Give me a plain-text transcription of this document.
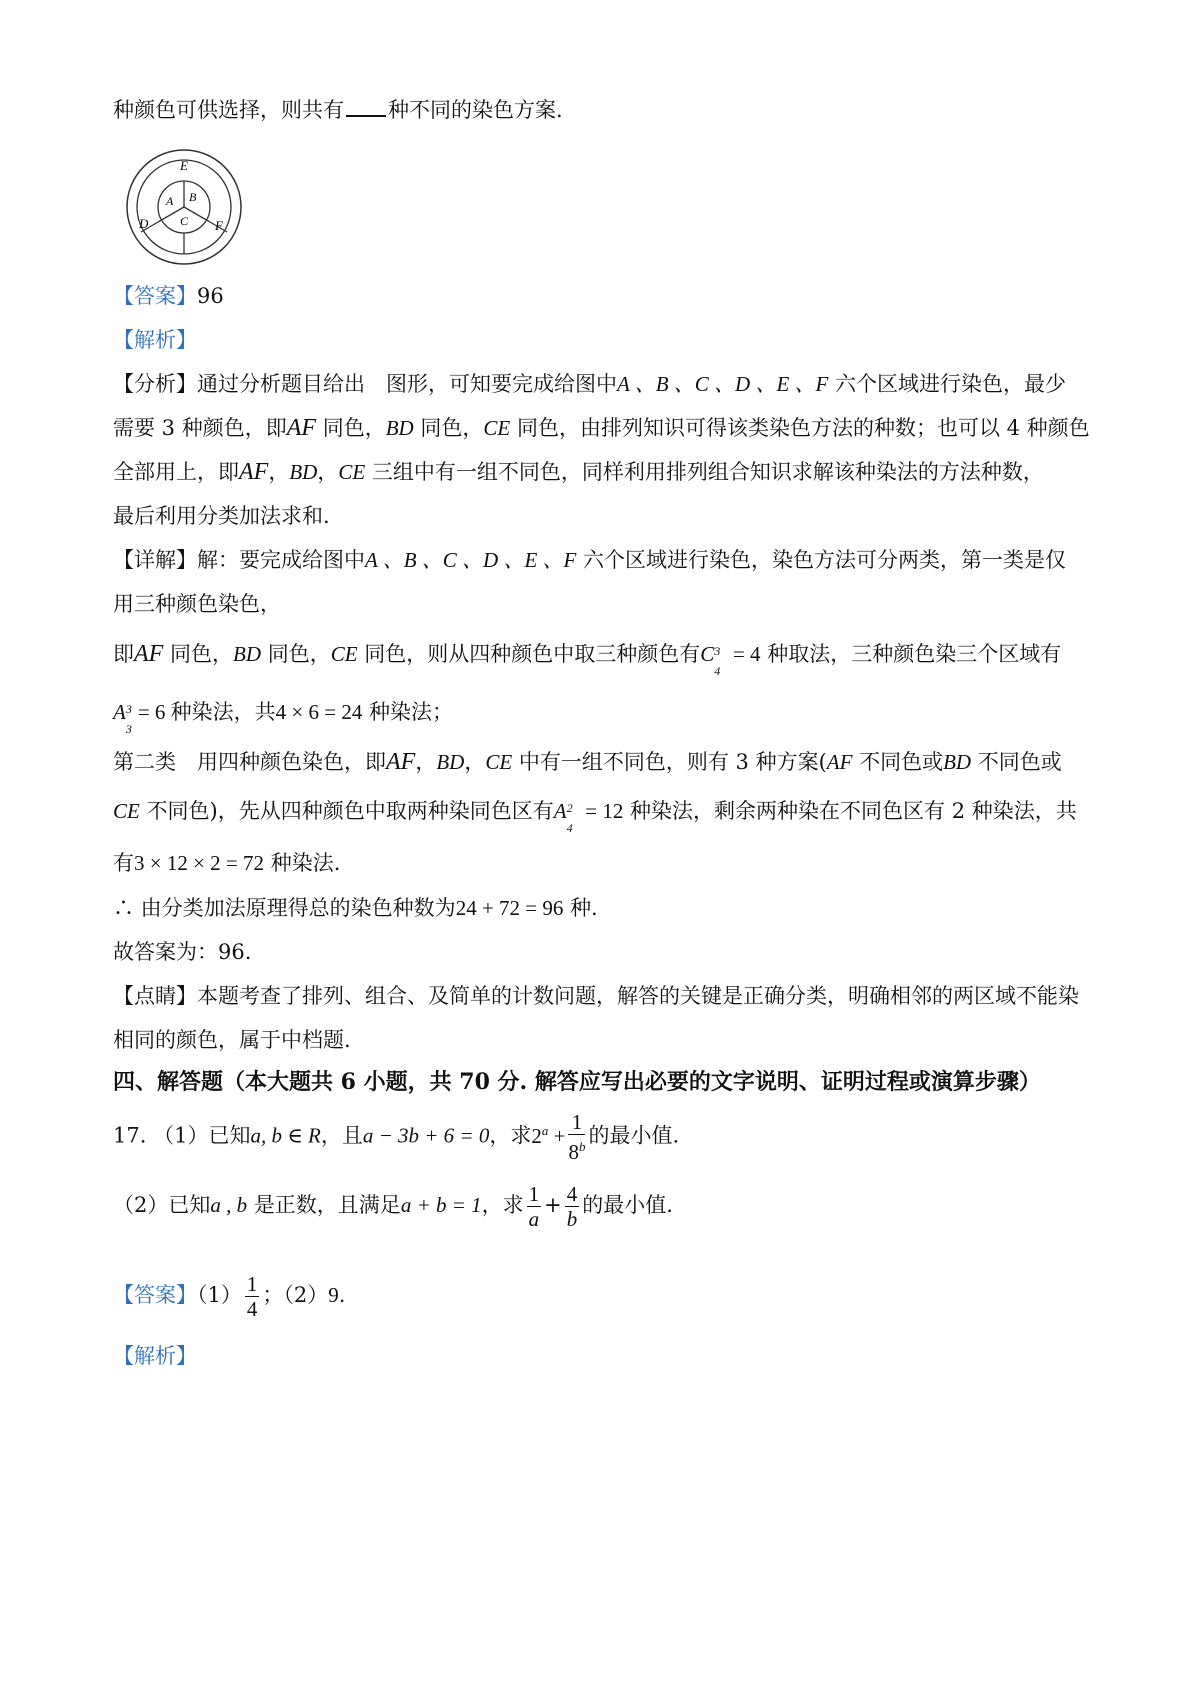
种颜色可供选择，则共有 种不同的染色方案.
E
A B
C
D	F
【答案】96
【解析】
【分析】通过分析题目给出　图形，可知要完成给图中A 、B 、C 、D 、E 、F 六个区域进行染色，最少
需要 3 种颜色，即AF 同色，BD 同色，CE 同色，由排列知识可得该类染色方法的种数；也可以 4 种颜色
全部用上，即AF，BD，CE 三组中有一组不同色，同样利用排列组合知识求解该种染法的方法种数，
最后利用分类加法求和.
【详解】解：要完成给图中A 、B 、C 、D 、E 、F 六个区域进行染色，染色方法可分两类，第一类是仅
用三种颜色染色，
即AF 同色，BD 同色，CE 同色，则从四种颜色中取三种颜色有C 3
4
= 4 种取法，三种颜色染三个区域有
A 3
3
= 6 种染法，共4 × 6 = 24 种染法；
第二类　用四种颜色染色，即AF，BD，CE 中有一组不同色，则有 3 种方案(AF 不同色或BD 不同色或
CE 不同色)，先从四种颜色中取两种染同色区有A 2
4
= 12 种染法，剩余两种染在不同色区有 2 种染法，共
有3 × 12 × 2 = 72 种染法.
∴ 由分类加法原理得总的染色种数为24 + 72 = 96 种.
故答案为：96.
【点睛】本题考查了排列、组合、及简单的计数问题，解答的关键是正确分类，明确相邻的两区域不能染
相同的颜色，属于中档题.
四、解答题（本大题共 6 小题，共 70 分. 解答应写出必要的文字说明、证明过程或演算步骤）
17. （1）已知a, b ∈ R，且a − 3b + 6 = 0，求$2^a + \frac{1}{8^b}$ 的最小值.
（2）已知a , b 是正数，且满足a + b = 1，求 $\frac{1}{a} + \frac{4}{b}$ 的最小值.
【答案】$(1) \frac{1}{4}$ ；（2）9.
【解析】
